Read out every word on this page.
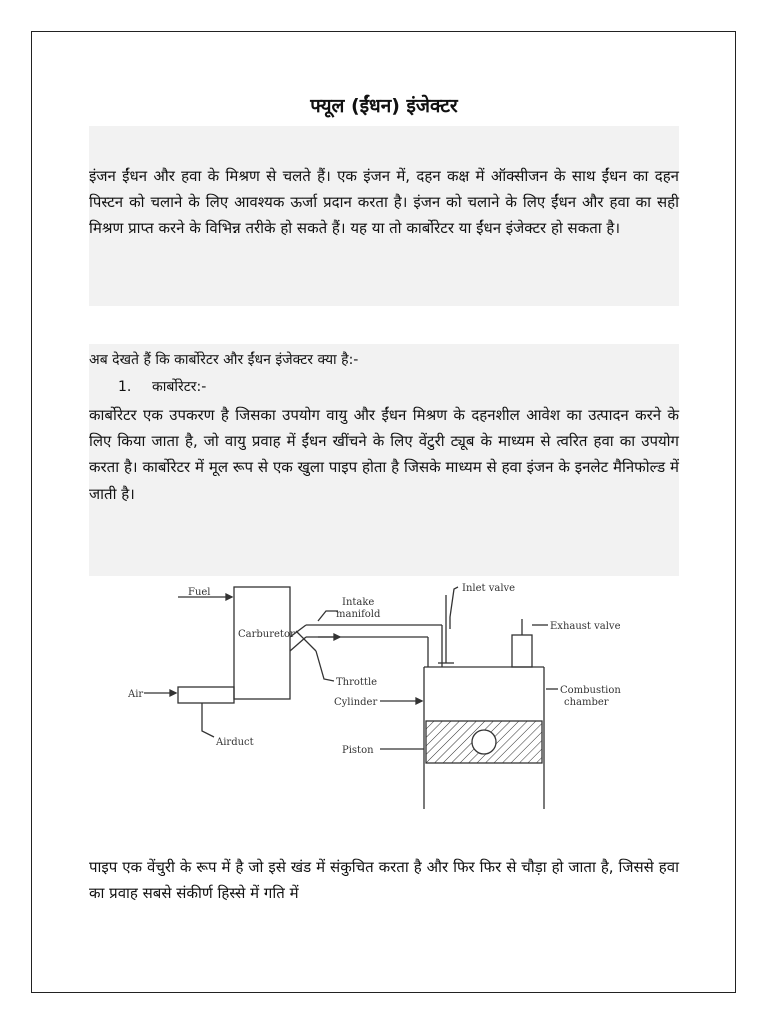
फ्यूल (ईंधन) इंजेक्टर
इंजन ईंधन और हवा के मिश्रण से चलते हैं। एक इंजन में, दहन कक्ष में ऑक्सीजन के साथ ईंधन का दहन पिस्टन को चलाने के लिए आवश्यक ऊर्जा प्रदान करता है। इंजन को चलाने के लिए ईंधन और हवा का सही मिश्रण प्राप्त करने के विभिन्न तरीके हो सकते हैं। यह या तो कार्बोरेटर या ईंधन इंजेक्टर हो सकता है।
अब देखते हैं कि कार्बोरेटर और ईंधन इंजेक्टर क्या है:-
1. कार्बोरेटर:-
कार्बोरेटर एक उपकरण है जिसका उपयोग वायु और ईंधन मिश्रण के दहनशील आवेश का उत्पादन करने के लिए किया जाता है, जो वायु प्रवाह में ईंधन खींचने के लिए वेंटुरी ट्यूब के माध्यम से त्वरित हवा का उपयोग करता है। कार्बोरेटर में मूल रूप से एक खुला पाइप होता है जिसके माध्यम से हवा इंजन के इनलेट मैनिफोल्ड में जाती है।
Fuel
Carburetor
Intake
manifold
Throttle
Air
Airduct
Inlet valve
Exhaust valve
Cylinder
Combustion
chamber
Piston
पाइप एक वेंचुरी के रूप में है जो इसे खंड में संकुचित करता है और फिर फिर से चौड़ा हो जाता है, जिससे हवा का प्रवाह सबसे संकीर्ण हिस्से में गति में
